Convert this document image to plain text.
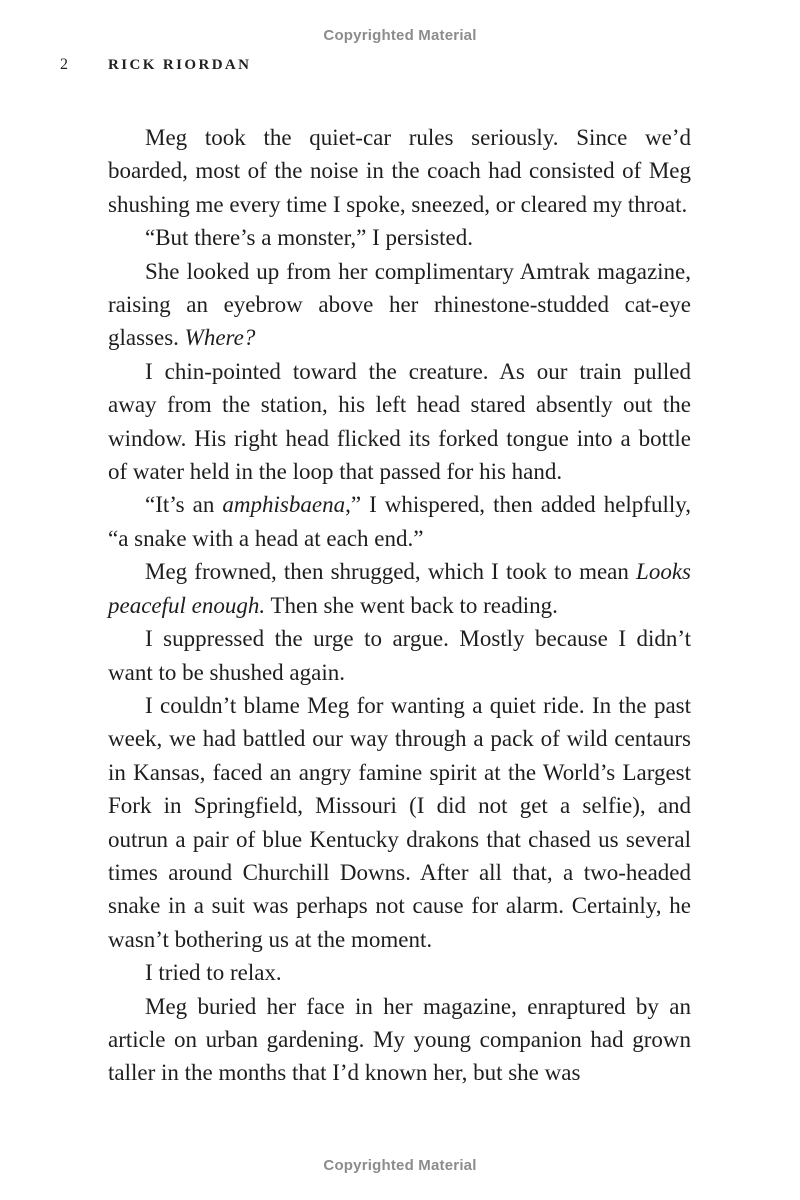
Copyrighted Material
2	RICK RIORDAN

Meg took the quiet-car rules seriously. Since we’d boarded, most of the noise in the coach had consisted of Meg shushing me every time I spoke, sneezed, or cleared my throat.

“But there’s a monster,” I persisted.

She looked up from her complimentary Amtrak magazine, raising an eyebrow above her rhinestone-studded cat-eye glasses. Where?

I chin-pointed toward the creature. As our train pulled away from the station, his left head stared absently out the window. His right head flicked its forked tongue into a bottle of water held in the loop that passed for his hand.

“It’s an amphisbaena,” I whispered, then added helpfully, “a snake with a head at each end.”

Meg frowned, then shrugged, which I took to mean Looks peaceful enough. Then she went back to reading.

I suppressed the urge to argue. Mostly because I didn’t want to be shushed again.

I couldn’t blame Meg for wanting a quiet ride. In the past week, we had battled our way through a pack of wild centaurs in Kansas, faced an angry famine spirit at the World’s Largest Fork in Springfield, Missouri (I did not get a selfie), and outrun a pair of blue Kentucky drakons that chased us several times around Churchill Downs. After all that, a two-headed snake in a suit was perhaps not cause for alarm. Certainly, he wasn’t bothering us at the moment.

I tried to relax.

Meg buried her face in her magazine, enraptured by an article on urban gardening. My young companion had grown taller in the months that I’d known her, but she was

Copyrighted Material
